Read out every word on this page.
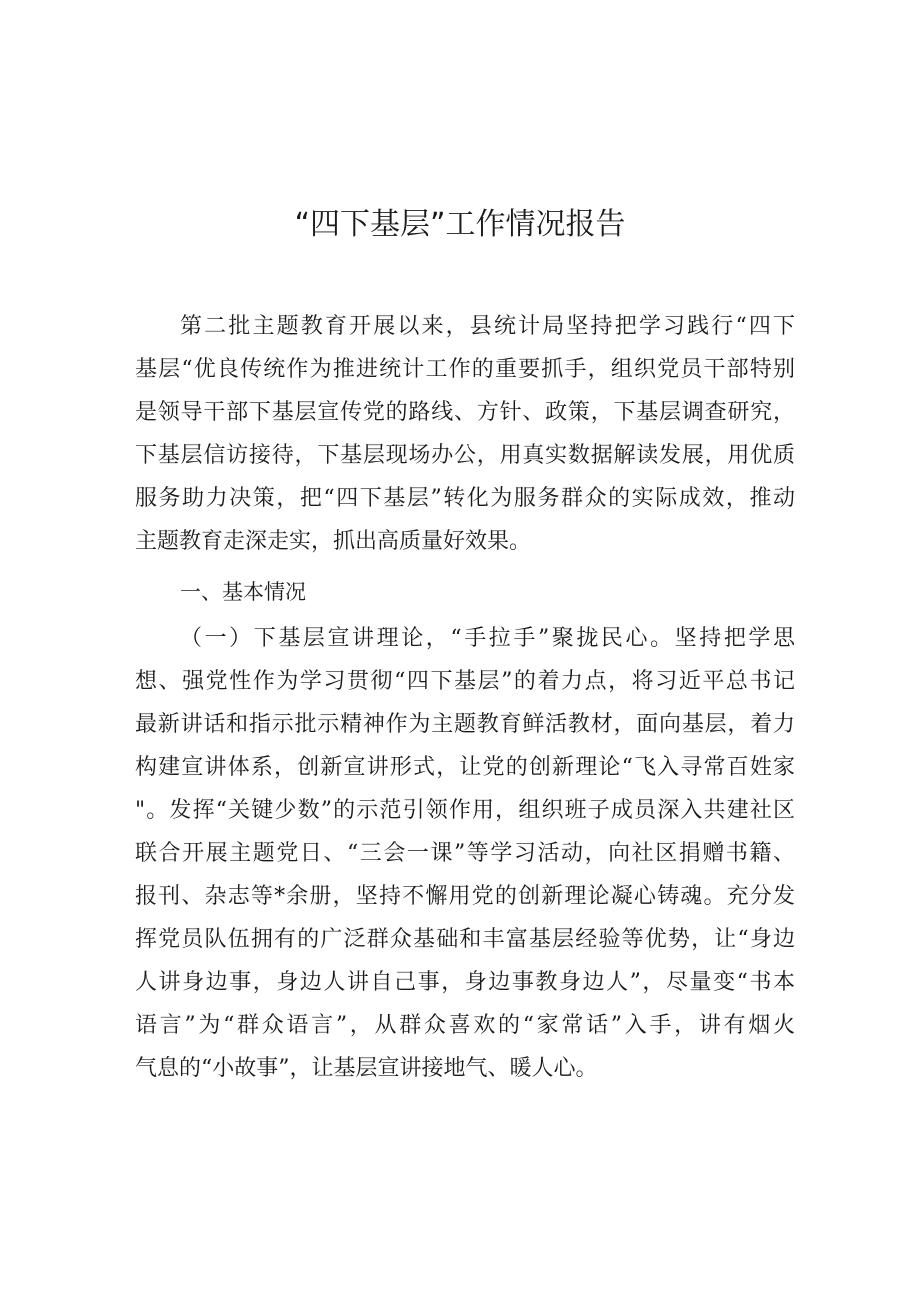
“四下基层”工作情况报告
第二批主题教育开展以来，县统计局坚持把学习践行“四下
基层“优良传统作为推进统计工作的重要抓手，组织党员干部特别
是领导干部下基层宣传党的路线、方针、政策，下基层调查研究，
下基层信访接待，下基层现场办公，用真实数据解读发展，用优质
服务助力决策，把“四下基层”转化为服务群众的实际成效，推动
主题教育走深走实，抓出高质量好效果。
一、基本情况
（一）下基层宣讲理论，“手拉手”聚拢民心。坚持把学思
想、强党性作为学习贯彻“四下基层”的着力点，将习近平总书记
最新讲话和指示批示精神作为主题教育鲜活教材，面向基层，着力
构建宣讲体系，创新宣讲形式，让党的创新理论“飞入寻常百姓家
"。发挥“关键少数”的示范引领作用，组织班子成员深入共建社区
联合开展主题党日、“三会一课”等学习活动，向社区捐赠书籍、
报刊、杂志等*余册，坚持不懈用党的创新理论凝心铸魂。充分发
挥党员队伍拥有的广泛群众基础和丰富基层经验等优势，让“身边
人讲身边事，身边人讲自己事，身边事教身边人”，尽量变“书本
语言”为“群众语言”，从群众喜欢的“家常话”入手，讲有烟火
气息的“小故事”，让基层宣讲接地气、暖人心。
